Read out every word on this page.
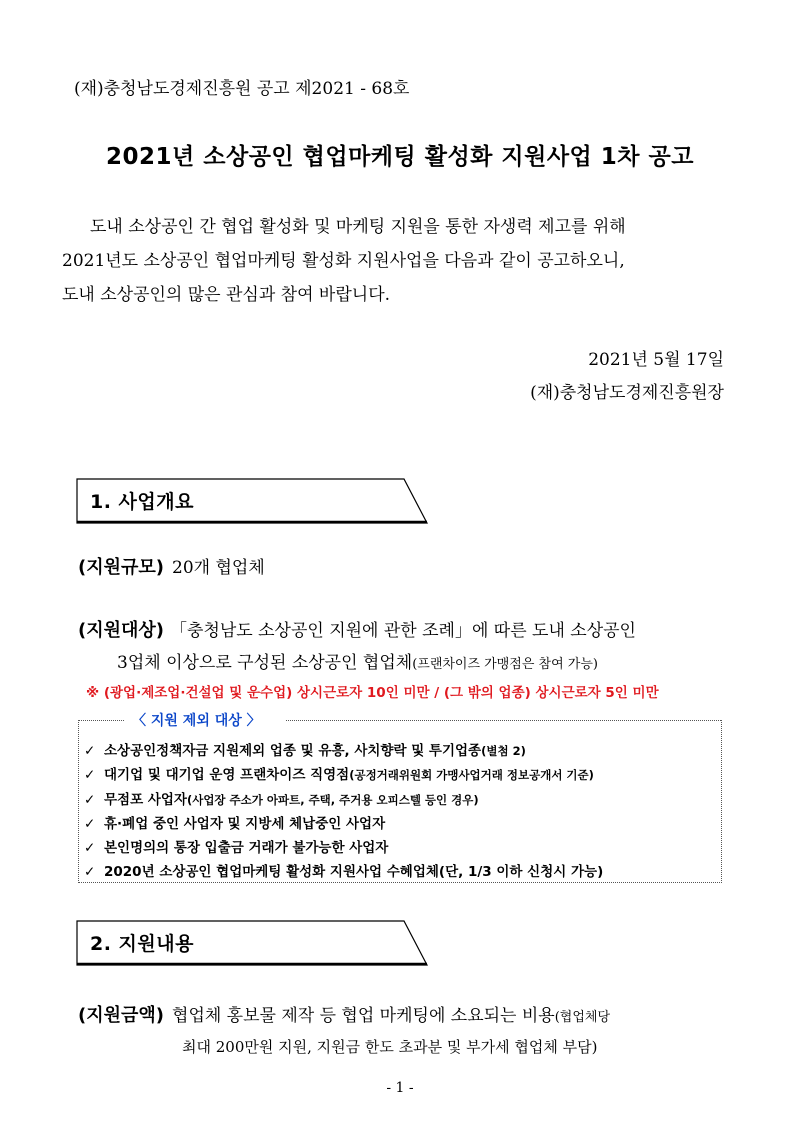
(재)충청남도경제진흥원 공고 제2021 - 68호
2021년 소상공인 협업마케팅 활성화 지원사업 1차 공고
도내 소상공인 간 협업 활성화 및 마케팅 지원을 통한 자생력 제고를 위해
2021년도 소상공인 협업마케팅 활성화 지원사업을 다음과 같이 공고하오니,
도내 소상공인의 많은 관심과 참여 바랍니다.
2021년 5월 17일
(재)충청남도경제진흥원장
1. 사업개요
(지원규모) 20개 협업체
(지원대상) 「충청남도 소상공인 지원에 관한 조례」에 따른 도내 소상공인
3업체 이상으로 구성된 소상공인 협업체(프랜차이즈 가맹점은 참여 가능)
※ (광업·제조업·건설업 및 운수업) 상시근로자 10인 미만 / (그 밖의 업종) 상시근로자 5인 미만
〈 지원 제외 대상 〉
✓ 소상공인정책자금 지원제외 업종 및 유흥, 사치향락 및 투기업종(별첨 2)
✓ 대기업 및 대기업 운영 프랜차이즈 직영점(공정거래위원회 가맹사업거래 정보공개서 기준)
✓ 무점포 사업자(사업장 주소가 아파트, 주택, 주거용 오피스텔 등인 경우)
✓ 휴·폐업 중인 사업자 및 지방세 체납중인 사업자
✓ 본인명의의 통장 입출금 거래가 불가능한 사업자
✓ 2020년 소상공인 협업마케팅 활성화 지원사업 수혜업체(단, 1/3 이하 신청시 가능)
2. 지원내용
(지원금액) 협업체 홍보물 제작 등 협업 마케팅에 소요되는 비용(협업체당
최대 200만원 지원, 지원금 한도 초과분 및 부가세 협업체 부담)
- 1 -
